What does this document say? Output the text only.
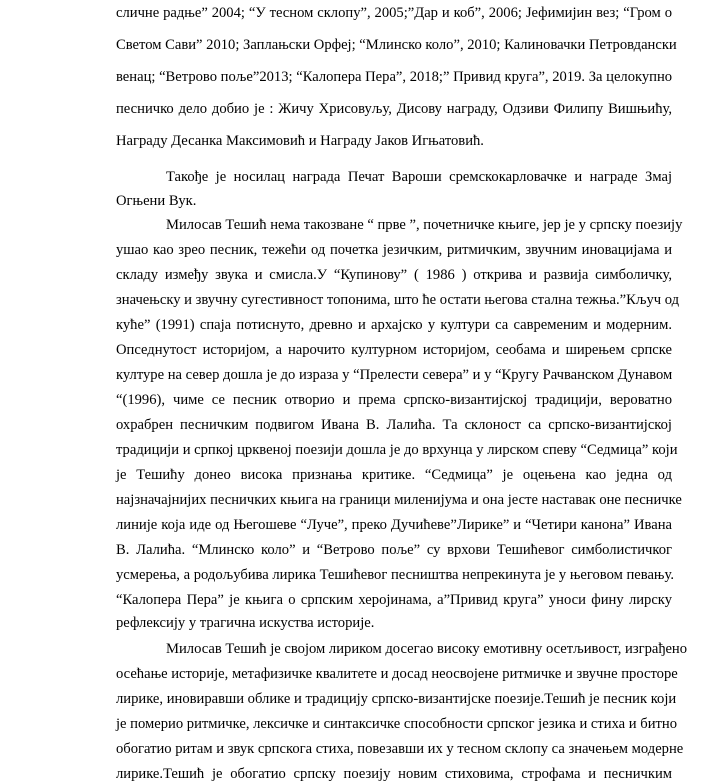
сличне радње” 2004; “У тесном склопу”, 2005;”Дар и коб”, 2006; Јефимијин вез; “Гром о
Светом Сави” 2010; Заплањски Орфеј; “Млинско коло”, 2010; Калиновачки Петровдански
венац; “Ветрово поље”2013; “Калопера Пера”, 2018;” Привид круга”, 2019. За целокупно
песничко дело добио је : Жичу Хрисовуљу, Дисову награду, Одзиви Филипу Вишњићу,
Награду Десанка Максимовић и Награду Јаков Игњатовић.
Такође је носилац награда Печат Вароши сремскокарловачке и награде Змај
Огњени Вук.
Милосав Тешић нема такозване “ прве ”, почетничке књиге, јер је у српску поезију
ушао као зрео песник, тежећи од почетка језичким, ритмичким, звучним иновацијама и
складу између звука и смисла.У “Купинову” ( 1986 ) открива и развија симболичку,
значењску и звучну сугестивност топонима, што ће остати његова стална тежња.”Кључ од
куће” (1991) спаја потиснуто, древно и архајско у култури са савременим и модерним.
Опседнутост историјом, а нарочито културном историјом, сеобама и ширењем српске
културе на север дошла је до израза у “Прелести севера” и у “Кругу Рачванском Дунавом
“(1996), чиме се песник отворио и према српско-византијској традицији, вероватно
охрабрен песничким подвигом Ивана В. Лалића. Та склоност са српско-византијској
традицији и српкој црквеној поезији дошла је до врхунца у лирском спеву “Седмица” који
је Тешићу донео висока признања критике. “Седмица” је оцењена као једна од
најзначајнијих песничких књига на граници миленијума и она јесте наставак оне песничке
линије која иде од Његошеве “Луче”, преко Дучићеве”Лирике” и “Четири канона” Ивана
В. Лалића. “Млинско коло” и “Ветрово поље” су врхови Тешићевог симболистичког
усмерења, а родољубива лирика Тешићевог песништва непрекинута је у његовом певању.
“Калопера Пера” је књига о српским херојинама, а”Привид круга” уноси фину лирску
рефлексију у трагична искуства историје.
Милосав Тешић је својом лириком досегао високу емотивну осетљивост, изграђено
осећање историје, метафизичке квалитете и досад неосвојене ритмичке и звучне просторе
лирике, иновиравши облике и традицију српско-византијске поезије.Тешић је песник који
је померио ритмичке, лексичке и синтаксичке способности српског језика и стиха и битно
обогатио ритам и звук српскога стиха, повезавши их у тесном склопу са значењем модерне
лирике.Тешић је обогатио српску поезију новим стиховима, строфама и песничким
